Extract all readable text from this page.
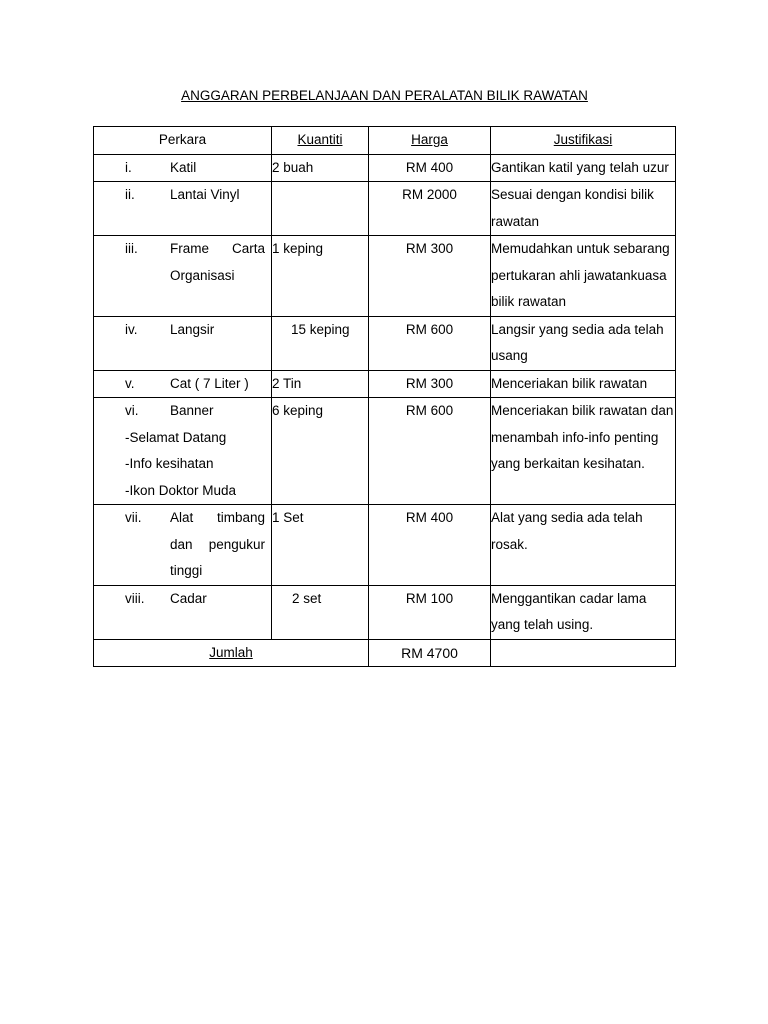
ANGGARAN PERBELANJAAN DAN PERALATAN BILIK RAWATAN
Perkara	Kuantiti	Harga	Justifikasi

i. Katil	2 buah	RM 400	Gantikan katil yang telah uzur

ii. Lantai Vinyl		RM 2000	Sesuai dengan kondisi bilik rawatan

iii. Frame Carta Organisasi	1 keping	RM 300	Memudahkan untuk sebarang pertukaran ahli jawatankuasa bilik rawatan

iv. Langsir	15 keping	RM 600	Langsir yang sedia ada telah usang

v. Cat ( 7 Liter )	2 Tin	RM 300	Menceriakan bilik rawatan

vi. Banner
-Selamat Datang
-Info kesihatan
-Ikon Doktor Muda	6 keping	RM 600	Menceriakan bilik rawatan dan menambah info-info penting yang berkaitan kesihatan.

vii. Alat timbang dan pengukur tinggi	1 Set	RM 400	Alat yang sedia ada telah rosak.

viii. Cadar	2 set	RM 100	Menggantikan cadar lama yang telah using.
Jumlah		RM 4700	
